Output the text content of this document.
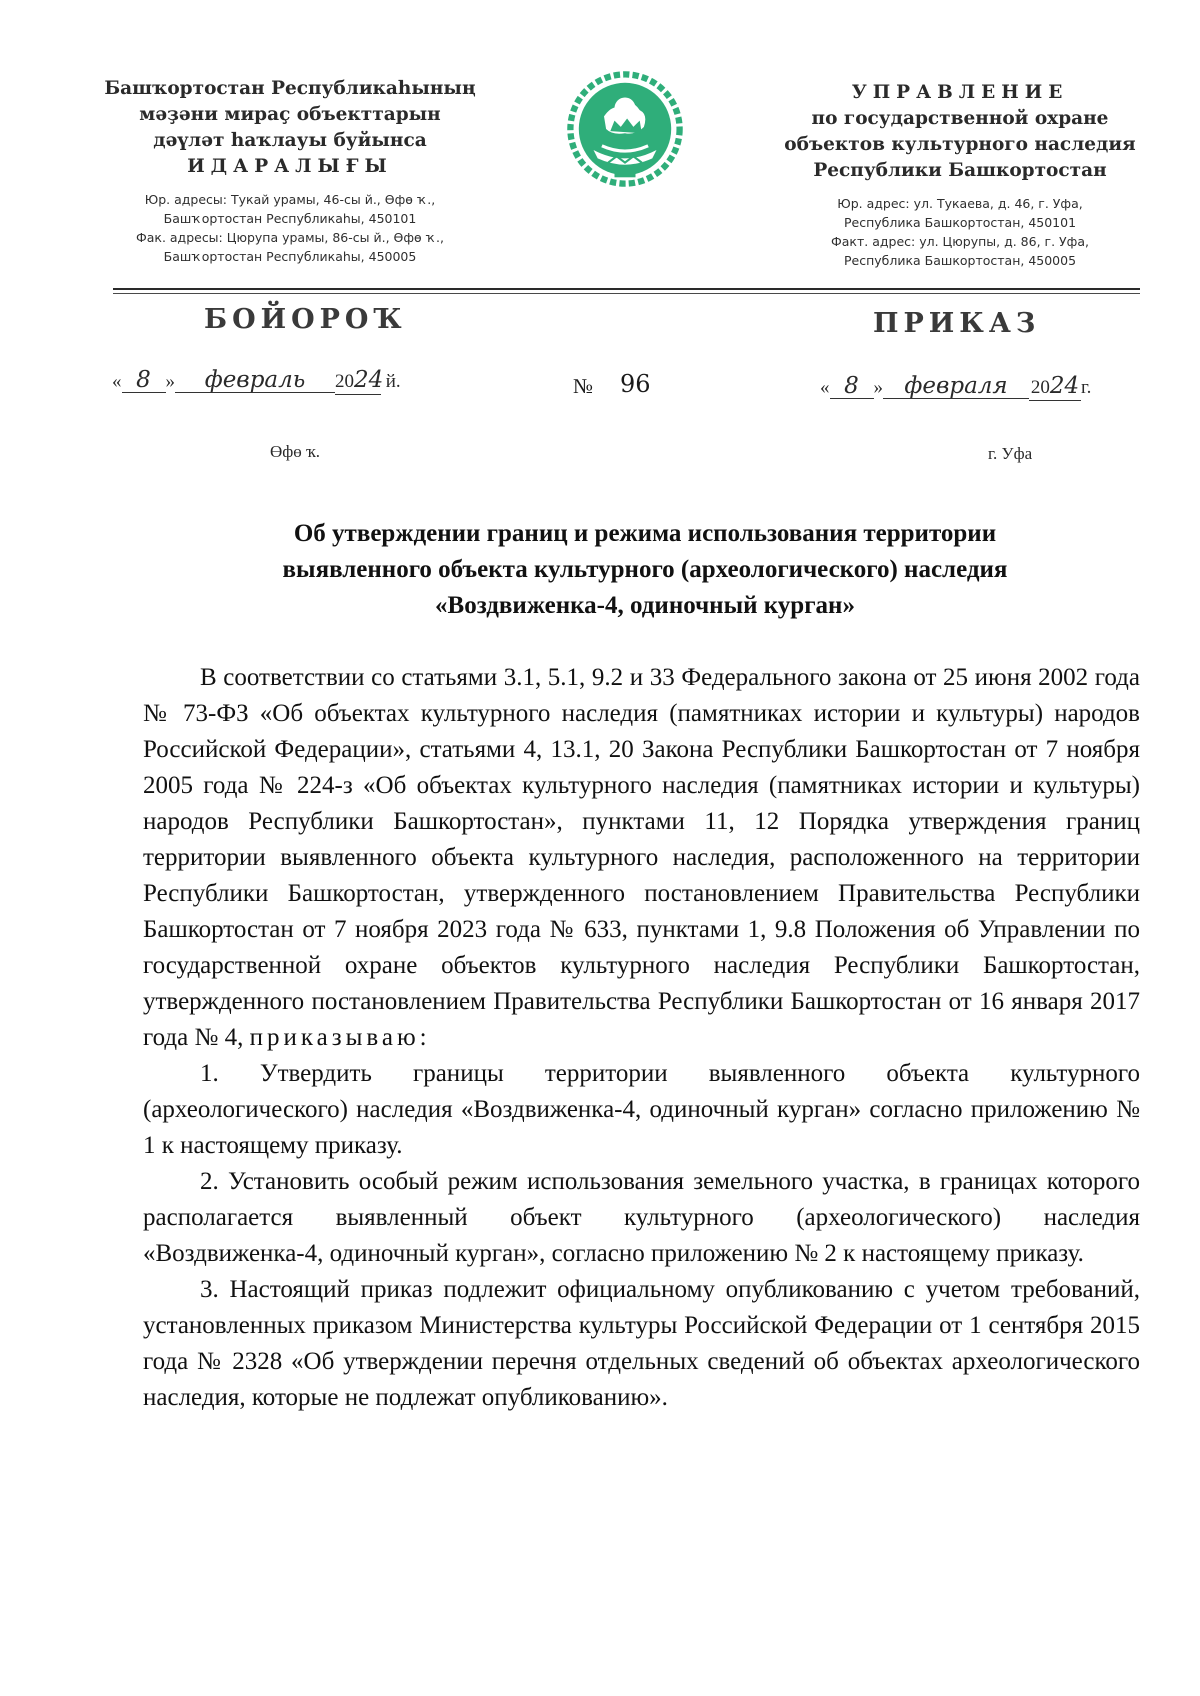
Башҡортостан Республикаһының
мәҙәни мираҫ объекттарын
дәүләт һаҡлауы буйынса
ИДАРАЛЫҒЫ
Юр. адресы: Тукай урамы, 46-сы й., Өфө ҡ.,
Башҡортостан Республикаһы, 450101
Фак. адресы: Цюрупа урамы, 86-сы й., Өфө ҡ.,
Башҡортостан Республикаһы, 450005
УПРАВЛЕНИЕ
по государственной охране
объектов культурного наследия
Республики Башкортостан
Юр. адрес: ул. Тукаева, д. 46, г. Уфа,
Республика Башкортостан, 450101
Факт. адрес: ул. Цюрупы, д. 86, г. Уфа,
Республика Башкортостан, 450005
БОЙОРОҠ	ПРИКАЗ
« 8 » февраль 2024 й.	№ 96	« 8 » февраля 2024г.
Өфө ҡ.	г. Уфа
Об утверждении границ и режима использования территории
выявленного объекта культурного (археологического) наследия
«Воздвиженка-4, одиночный курган»

В соответствии со статьями 3.1, 5.1, 9.2 и 33 Федерального закона от 25 июня 2002 года № 73-ФЗ «Об объектах культурного наследия (памятниках истории и культуры) народов Российской Федерации», статьями 4, 13.1, 20 Закона Республики Башкортостан от 7 ноября 2005 года № 224-з «Об объектах культурного наследия (памятниках истории и культуры) народов Республики Башкортостан», пунктами 11, 12 Порядка утверждения границ территории выявленного объекта культурного наследия, расположенного на территории Республики Башкортостан, утвержденного постановлением Правительства Республики Башкортостан от 7 ноября 2023 года № 633, пунктами 1, 9.8 Положения об Управлении по государственной охране объектов культурного наследия Республики Башкортостан, утвержденного постановлением Правительства Республики Башкортостан от 16 января 2017 года № 4, приказываю:

1. Утвердить границы территории выявленного объекта культурного (археологического) наследия «Воздвиженка-4, одиночный курган» согласно приложению № 1 к настоящему приказу.

2. Установить особый режим использования земельного участка, в границах которого располагается выявленный объект культурного (археологического) наследия «Воздвиженка-4, одиночный курган», согласно приложению № 2 к настоящему приказу.

3. Настоящий приказ подлежит официальному опубликованию с учетом требований, установленных приказом Министерства культуры Российской Федерации от 1 сентября 2015 года № 2328 «Об утверждении перечня отдельных сведений об объектах археологического наследия, которые не подлежат опубликованию».
